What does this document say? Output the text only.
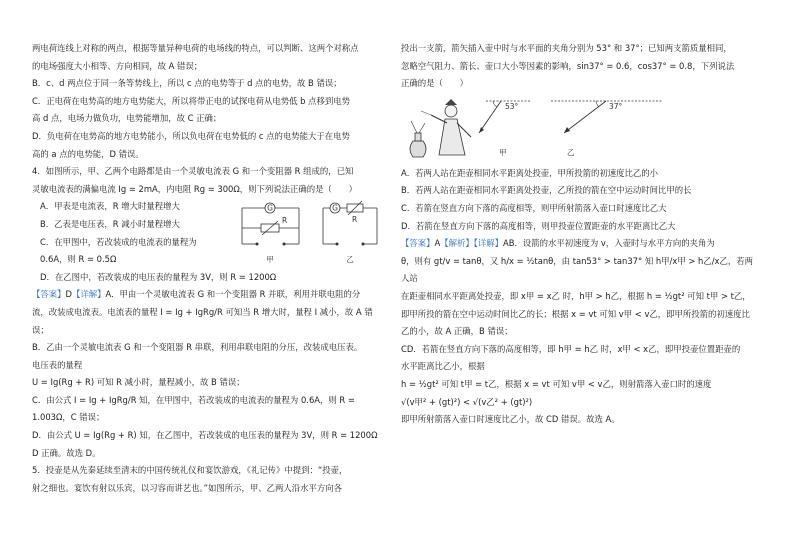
两电荷连线上对称的两点，根据等量异种电荷的电场线的特点，可以判断、这两个对称点

的电场强度大小相等、方向相同，故 A 错误；

B．c、d 两点位于同一条等势线上，所以 c 点的电势等于 d 点的电势，故 B 错误；

C．正电荷在电势高的地方电势能大，所以将带正电的试探电荷从电势低 b 点移到电势

高 d 点，电场力做负功，电势能增加，故 C 正确；

D．负电荷在电势高的地方电势能小，所以负电荷在电势低的 c 点的电势能大于在电势

高的 a 点的电势能，D 错误。

4．如图所示，甲、乙两个电路都是由一个灵敏电流表 G 和一个变阻器 R 组成的，已知

灵敏电流表的满偏电流 Ig = 2mA，内电阻 Rg = 300Ω，则下列说法正确的是（　　）

A．甲表是电流表，R 增大时量程增大

B．乙表是电压表，R 减小时量程增大

C．在甲图中，若改装成的电流表的量程为

0.6A，则 R = 0.5Ω

G
R
甲
G
R
乙

D．在乙图中，若改装成的电压表的量程为 3V，则 R = 1200Ω

【答案】D【详解】A．甲由一个灵敏电流表 G 和一个变阻器 R 并联，利用并联电阻的分

流，改装成电流表。电流表的量程 I = Ig + IgRg/R 可知当 R 增大时，量程 I 减小，故 A 错误；

B．乙由一个灵敏电流表 G 和一个变阻器 R 串联，利用串联电阻的分压，改装成电压表。

电压表的量程

U = Ig(Rg + R) 可知 R 减小时，量程减小，故 B 错误；

C．由公式 I = Ig + IgRg/R 知，在甲图中，若改装成的电流表的量程为 0.6A，则 R = 1.003Ω，C 错误；

D．由公式 U = Ig(Rg + R) 知，在乙图中，若改装成的电压表的量程为 3V，则 R = 1200Ω

D 正确。故选 D。

5．投壶是从先秦延续至清末的中国传统礼仪和宴饮游戏，《礼记传》中提到：“投壶，

射之细也。宴饮有射以乐宾，以习容而讲艺也。”如图所示，甲、乙两人沿水平方向各

投出一支箭，箭矢插入壶中时与水平面的夹角分别为 53° 和 37°；已知两支箭质量相同，

忽略空气阻力、箭长、壶口大小等因素的影响，sin37° = 0.6，cos37° = 0.8，下列说法

正确的是（　　）

53°
甲
37°
乙

A．若两人站在距壶相同水平距离处投壶，甲所投箭的初速度比乙的小

B．若两人站在距壶相同水平距离处投壶，乙所投的箭在空中运动时间比甲的长

C．若箭在竖直方向下落的高度相等，则甲所射箭落入壶口时速度比乙大

D．若箭在竖直方向下落的高度相等，则甲投壶位置距壶的水平距离比乙大

【答案】A【解析】【详解】AB．设箭的水平初速度为 v，入壶时与水平方向的夹角为

θ，则有 gt/v = tanθ，又 h/x = ½tanθ，由 tan53° > tan37° 知 h甲/x甲 > h乙/x乙，若两人站

在距壶相同水平距离处投壶，即 x甲 = x乙 时，h甲 > h乙，根据 h = ½gt² 可知 t甲 > t乙，

即甲所投的箭在空中运动时间比乙的长；根据 x = vt 可知 v甲 < v乙，即甲所投箭的初速度比

乙的小，故 A 正确，B 错误；

CD．若箭在竖直方向下落的高度相等，即 h甲 = h乙 时，x甲 < x乙，即甲投壶位置距壶的

水平距离比乙小，根据

h = ½gt² 可知 t甲 = t乙，根据 x = vt 可知 v甲 < v乙，则射箭落入壶口时的速度

√(v甲² + (gt)²) < √(v乙² + (gt)²)

即甲所射箭落入壶口时速度比乙小，故 CD 错误。故选 A。
